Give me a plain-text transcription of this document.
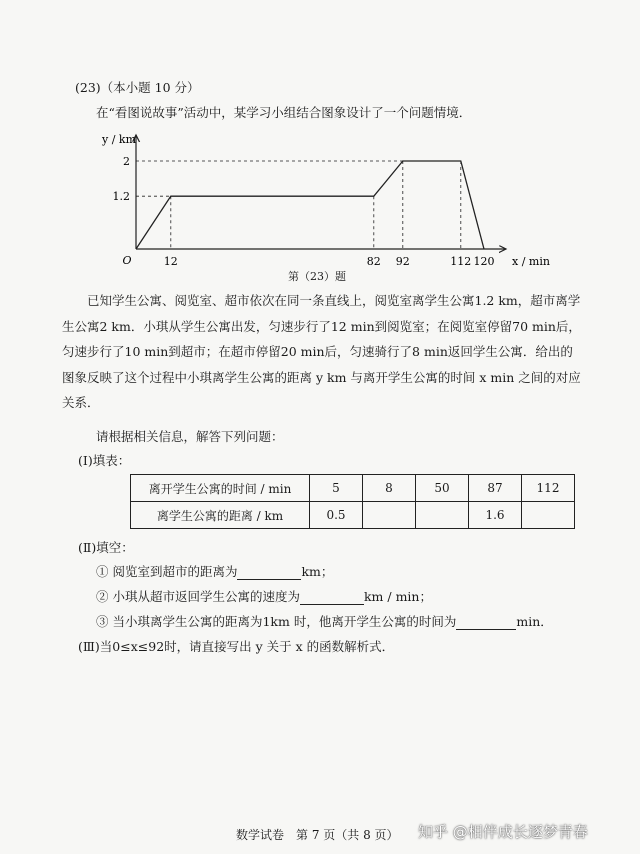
(23)（本小题 10 分）
在“看图说故事”活动中，某学习小组结合图象设计了一个问题情境．
1.2
2
12	82 92	112 120
O	x / min
y / km
第（23）题
已知学生公寓、阅览室、超市依次在同一条直线上，阅览室离学生公寓1.2 km，超市离学生公寓2 km．小琪从学生公寓出发，匀速步行了12 min到阅览室；在阅览室停留70 min后，匀速步行了10 min到超市；在超市停留20 min后，匀速骑行了8 min返回学生公寓．给出的图象反映了这个过程中小琪离学生公寓的距离 y km 与离开学生公寓的时间 x min 之间的对应关系．
请根据相关信息，解答下列问题：
(Ⅰ)填表：
离开学生公寓的时间 / min	5	8	50	87	112
离学生公寓的距离 / km	0.5			1.6	
(Ⅱ)填空：
① 阅览室到超市的距离为	km；
② 小琪从超市返回学生公寓的速度为	km / min；
③ 当小琪离学生公寓的距离为1km 时，他离开学生公寓的时间为	min．
(Ⅲ)当0≤x≤92时，请直接写出 y 关于 x 的函数解析式．
数学试卷　第 7 页（共 8 页） 知乎 @相伴成长逐梦青春
